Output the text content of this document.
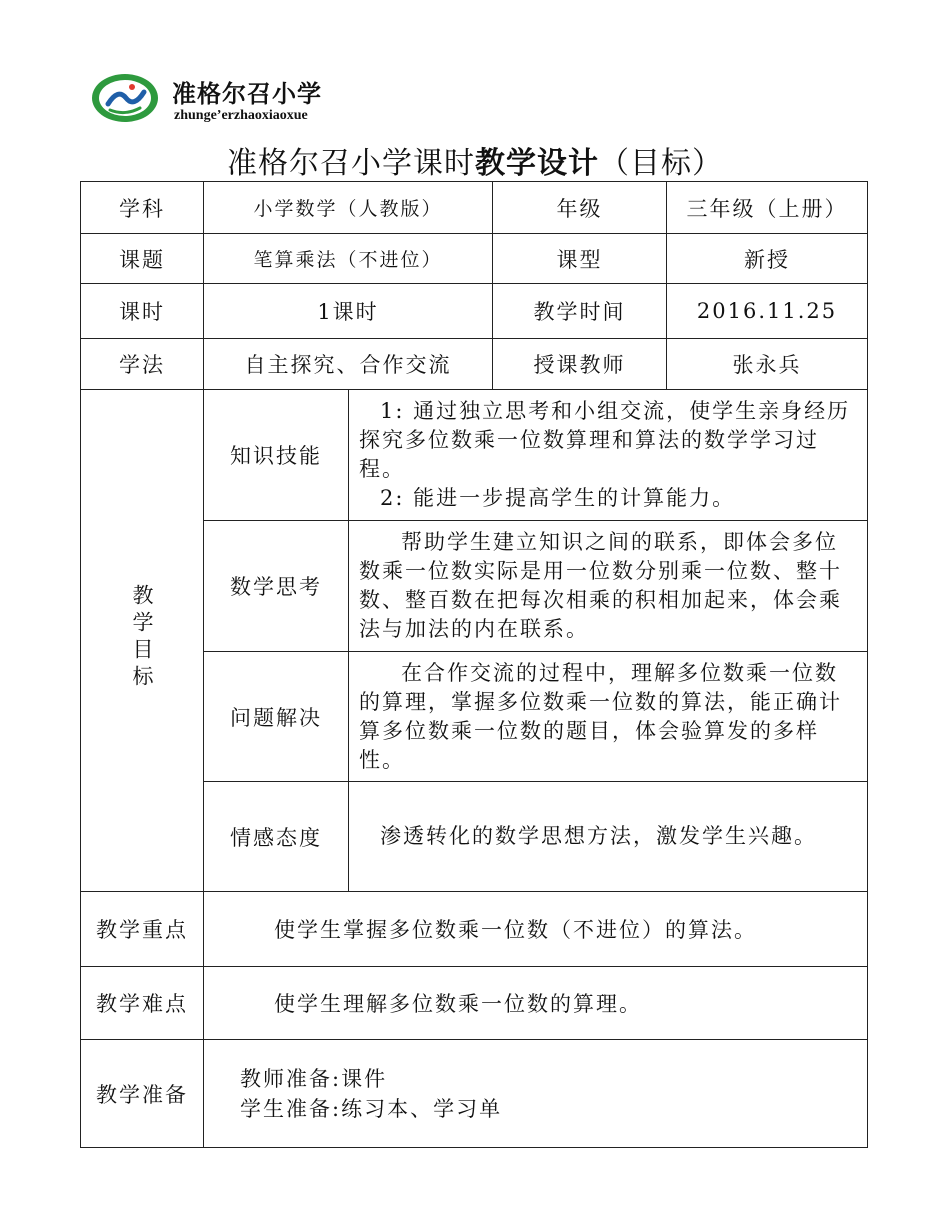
准格尔召小学
zhunge’erzhaoxiaoxue
准格尔召小学课时教学设计（目标）
学科	小学数学（人教版）		年级	三年级（上册）
课题	笔算乘法（不进位）		课型	新授
课时	1课时		教学时间	2016.11.25
学法	自主探究、合作交流		授课教师	张永兵
教学目标	知识技能	1: 通过独立思考和小组交流，使学生亲身经历探究多位数乘一位数算理和算法的数学学习过程。
2: 能进一步提高学生的计算能力。		

	数学思考	帮助学生建立知识之间的联系，即体会多位数乘一位数实际是用一位数分别乘一位数、整十数、整百数在把每次相乘的积相加起来，体会乘法与加法的内在联系。		
	问题解决	在合作交流的过程中，理解多位数乘一位数的算理，掌握多位数乘一位数的算法，能正确计算多位数乘一位数的题目，体会验算发的多样性。		
	情感态度	渗透转化的数学思想方法，激发学生兴趣。		
教学重点	使学生掌握多位数乘一位数（不进位）的算法。			
教学难点	使学生理解多位数乘一位数的算理。			
教学准备	教师准备:课件
学生准备:练习本、学习单			
